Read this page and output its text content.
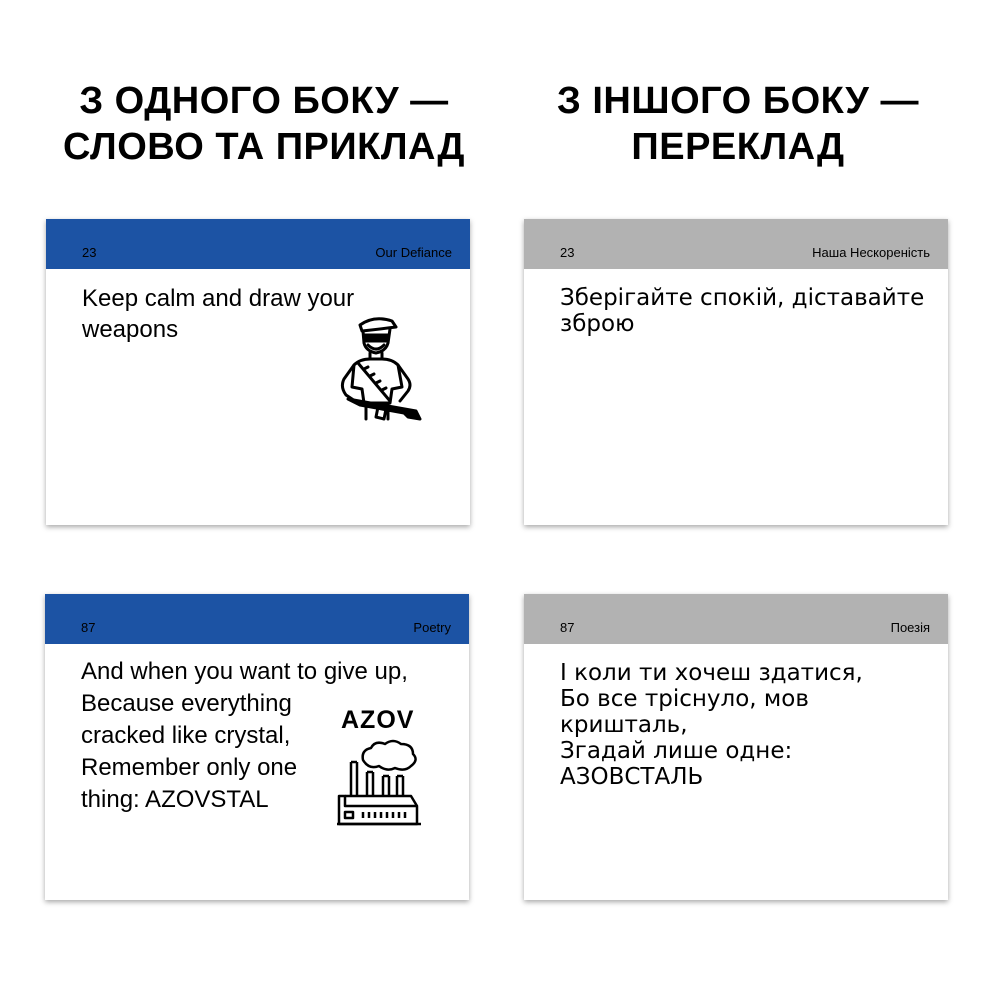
З ОДНОГО БОКУ —
СЛОВО ТА ПРИКЛАД
З ІНШОГО БОКУ —
ПЕРЕКЛАД
23	Our Defiance
Keep calm and draw your
weapons
23	Наша Нескореність
Зберігайте спокій, діставайте
зброю
87	Poetry
And when you want to give up,
Because everything
cracked like crystal,
Remember only one
thing: AZOVSTAL
AZOV
87	Поезія
І коли ти хочеш здатися,
Бо все тріснуло, мов
кришталь,
Згадай лише одне:
АЗОВСТАЛЬ
